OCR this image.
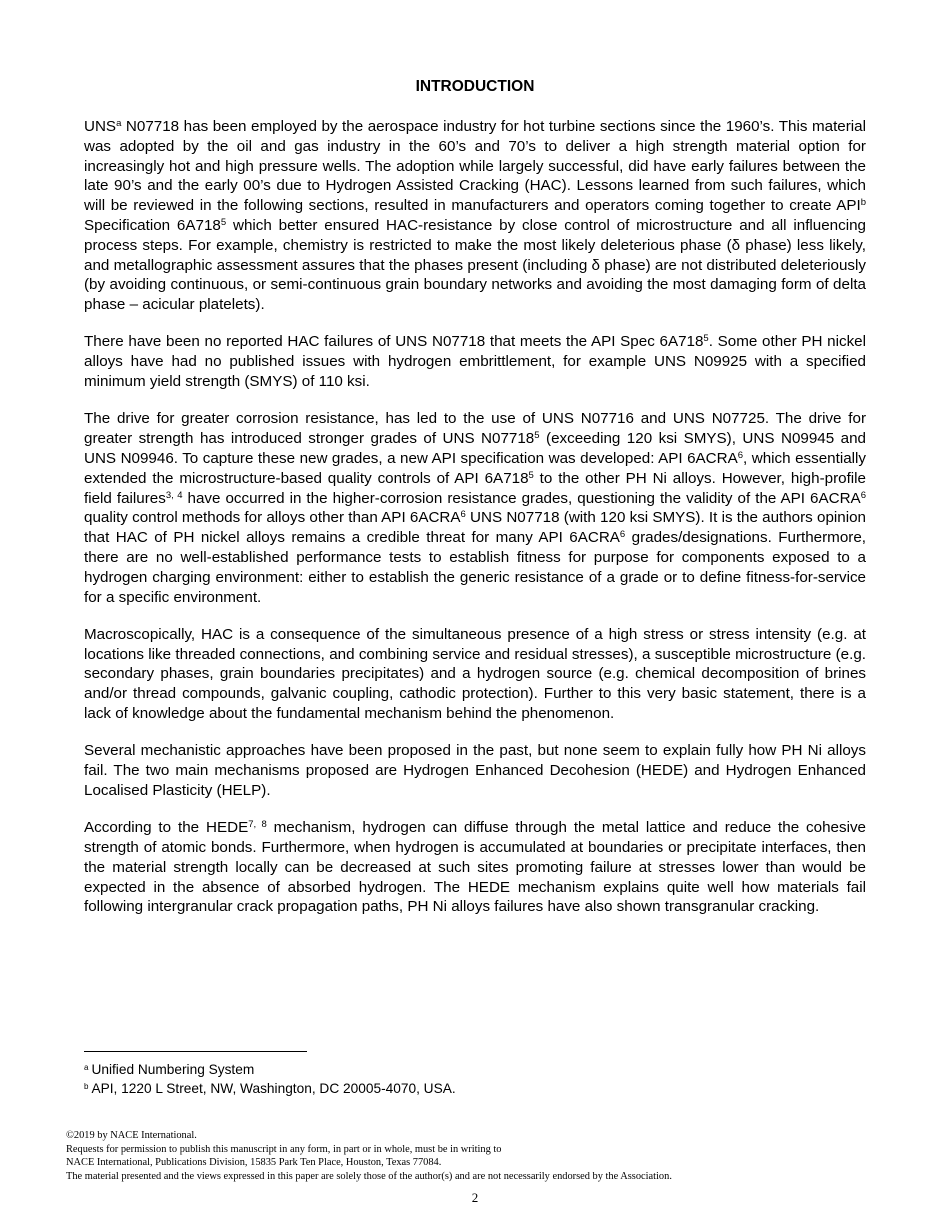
INTRODUCTION

UNS$^a$ N07718 has been employed by the aerospace industry for hot turbine sections since the 1960’s. This material was adopted by the oil and gas industry in the 60’s and 70’s to deliver a high strength material option for increasingly hot and high pressure wells. The adoption while largely successful, did have early failures between the late 90’s and the early 00’s due to Hydrogen Assisted Cracking (HAC). Lessons learned from such failures, which will be reviewed in the following sections, resulted in manufacturers and operators coming together to create API$^b$ Specification $6A718^5$ which better ensured HAC-resistance by close control of microstructure and all influencing process steps. For example, chemistry is restricted to make the most likely deleterious phase (δ phase) less likely, and metallographic assessment assures that the phases present (including δ phase) are not distributed deleteriously (by avoiding continuous, or semi-continuous grain boundary networks and avoiding the most damaging form of delta phase – acicular platelets).

There have been no reported HAC failures of UNS N07718 that meets the API Spec $6A718^5$. Some other PH nickel alloys have had no published issues with hydrogen embrittlement, for example UNS N09925 with a specified minimum yield strength (SMYS) of 110 ksi.

The drive for greater corrosion resistance, has led to the use of UNS N07716 and UNS N07725. The drive for greater strength has introduced stronger grades of UNS N07718$^5$ (exceeding 120 ksi SMYS), UNS N09945 and UNS N09946. To capture these new grades, a new API specification was developed: API 6ACRA$^6$, which essentially extended the microstructure-based quality controls of API $6A718^5$ to the other PH Ni alloys. However, high-profile field failures$^{3, 4}$ have occurred in the higher-corrosion resistance grades, questioning the validity of the API 6ACRA$^6$ quality control methods for alloys other than API 6ACRA$^6$ UNS N07718 (with 120 ksi SMYS). It is the authors opinion that HAC of PH nickel alloys remains a credible threat for many API 6ACRA$^6$ grades/designations. Furthermore, there are no well-established performance tests to establish fitness for purpose for components exposed to a hydrogen charging environment: either to establish the generic resistance of a grade or to define fitness-for-service for a specific environment.

Macroscopically, HAC is a consequence of the simultaneous presence of a high stress or stress intensity (e.g. at locations like threaded connections, and combining service and residual stresses), a susceptible microstructure (e.g. secondary phases, grain boundaries precipitates) and a hydrogen source (e.g. chemical decomposition of brines and/or thread compounds, galvanic coupling, cathodic protection). Further to this very basic statement, there is a lack of knowledge about the fundamental mechanism behind the phenomenon.

Several mechanistic approaches have been proposed in the past, but none seem to explain fully how PH Ni alloys fail. The two main mechanisms proposed are Hydrogen Enhanced Decohesion (HEDE) and Hydrogen Enhanced Localised Plasticity (HELP).

According to the HEDE$^{7, 8}$ mechanism, hydrogen can diffuse through the metal lattice and reduce the cohesive strength of atomic bonds. Furthermore, when hydrogen is accumulated at boundaries or precipitate interfaces, then the material strength locally can be decreased at such sites promoting failure at stresses lower than would be expected in the absence of absorbed hydrogen. The HEDE mechanism explains quite well how materials fail following intergranular crack propagation paths, PH Ni alloys failures have also shown transgranular cracking.

$^a$ Unified Numbering System
$^b$ API, 1220 L Street, NW, Washington, DC 20005-4070, USA.
©2019 by NACE International.
Requests for permission to publish this manuscript in any form, in part or in whole, must be in writing to
NACE International, Publications Division, 15835 Park Ten Place, Houston, Texas 77084.
The material presented and the views expressed in this paper are solely those of the author(s) and are not necessarily endorsed by the Association.
2
